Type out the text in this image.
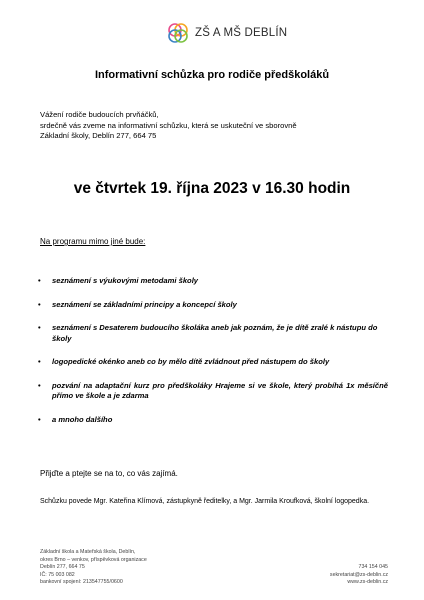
ZŠ A MŠ DEBLÍN
Informativní schůzka pro rodiče předškoláků
Vážení rodiče budoucích prvňáčků,
srdečně vás zveme na informativní schůzku, která se uskuteční ve sborovně
Základní školy, Deblín 277, 664 75
ve čtvrtek 19. října 2023 v 16.30 hodin
Na programu mimo jiné bude:
• seznámení s výukovými metodami školy
• seznámení se základními principy a koncepcí školy
• seznámení s Desaterem budoucího školáka aneb jak poznám, že je dítě zralé k nástupu do školy
• logopedické okénko aneb co by mělo dítě zvládnout před nástupem do školy
• pozvání na adaptační kurz pro předškoláky Hrajeme si ve škole, který probíhá 1x měsíčně přímo ve škole a je zdarma
• a mnoho dalšího
Přijďte a ptejte se na to, co vás zajímá.
Schůzku povede Mgr. Kateřina Klímová, zástupkyně ředitelky, a Mgr. Jarmila Kroufková, školní logopedka.
Základní škola a Mateřská škola, Deblín,
okres Brno – venkov, příspěvková organizace
Deblín 277, 664 75
IČ: 75 003 082
bankovní spojení: 213547755/0600
734 154 045
sekretariat@zs-deblin.cz
www.zs-deblin.cz
